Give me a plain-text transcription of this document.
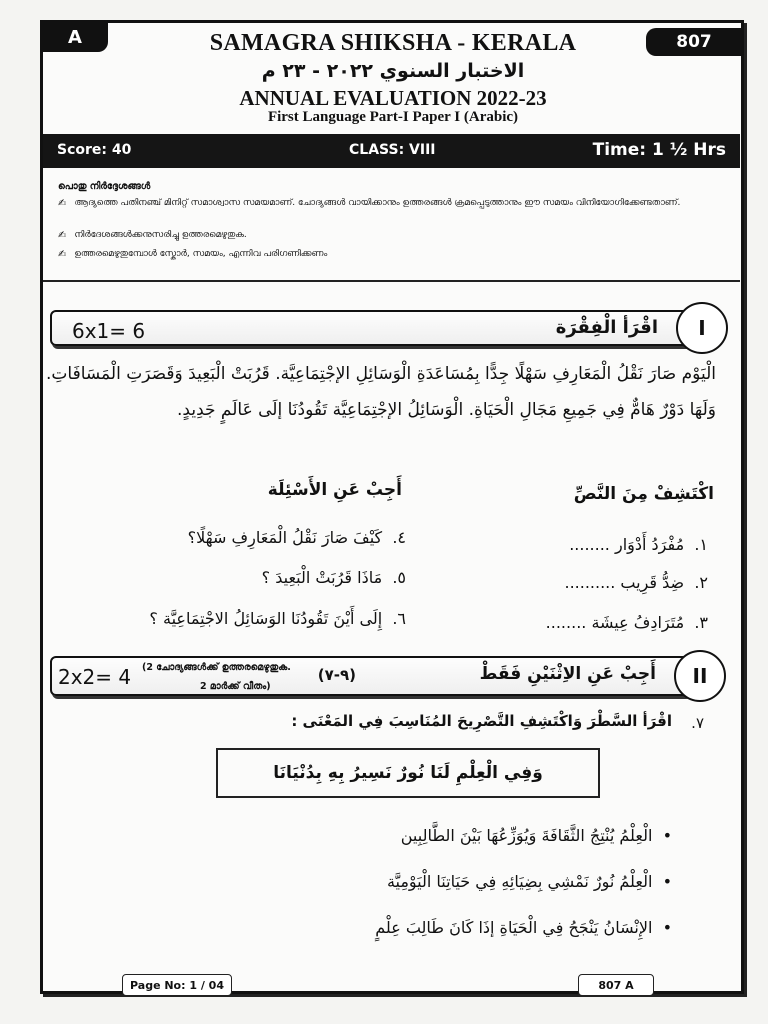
A	807
SAMAGRA SHIKSHA - KERALA
الاختبار السنوي ٢٠٢٢ - ٢٣ م
ANNUAL EVALUATION 2022-23
First Language Part-I Paper I (Arabic)
Score: 40	CLASS: VIII	Time: 1 ½ Hrs
പൊതു നിർദ്ദേശങ്ങൾ
✍ ആദ്യത്തെ പതിനഞ്ച് മിനിറ്റ് സമാശ്വാസ സമയമാണ്. ചോദ്യങ്ങൾ വായിക്കാനും ഉത്തരങ്ങൾ ക്രമപ്പെടുത്താനും ഈ സമയം വിനിയോഗിക്കേണ്ടതാണ്.
✍ നിർദേശങ്ങൾക്കനുസരിച്ചു ഉത്തരമെഴുതുക.
✍ ഉത്തരമെഴുതുമ്പോൾ സ്കോർ, സമയം, എന്നിവ പരിഗണിക്കണം
6x1= 6	اقْرَأ الْفِقْرَة	I
الْيَوْم صَارَ نَقْلُ الْمَعَارِفِ سَهْلًا جِدًّا بِمُسَاعَدَةِ الْوَسَائِلِ الإجْتِمَاعِيَّة. قَرُبَتْ الْبَعِيدَ وَقَصَرَتِ الْمَسَافَاتِ. وَلَهَا دَوْرٌ هَامٌّ فِي جَمِيعِ مَجَالِ الْحَيَاةِ. الْوَسَائِلُ الإجْتِمَاعِيَّة تَقُودُنَا إلَى عَالَمٍ جَدِيدٍ.
اكْتَشِفْ مِنَ النَّصِّ
أَجِبْ عَنِ الأَسْئِلَة
١.  مُفْرَدُ أَدْوَار ........
٢.  ضِدُّ قَرِيب ..........
٣.  مُتَرَادِفُ عِيشَة ........
٤.  كَيْفَ صَارَ نَقْلُ الْمَعَارِفِ سَهْلًا؟
٥.  مَاذَا قَرُبَتْ الْبَعِيدَ ؟
٦.  إِلَى أَيْنَ تَقُودُنَا الوَسَائِلُ الاجْتِمَاعِيَّة ؟
2x2= 4 (2 ചോദ്യങ്ങൾക്ക് ഉത്തരമെഴുതുക.
2 മാർക്ക് വീതം)
(٩-٧)	أَجِبْ عَنِ الاِثْنَيْنِ فَقَطْ	II
٧.
اقْرَأ السَّطْرَ وَاكْتَشِفِ التَّصْرِيحَ المُنَاسِبَ فِي المَعْنَى :
وَفِي الْعِلْمِ لَنَا نُورٌ نَسِيرُ بِهِ بِدُنْيَانَا
•  الْعِلْمُ يُنْتِجُ الثَّقَافَةَ وَيُوَزِّعُهَا بَيْنَ الطَّالِبِين
•  الْعِلْمُ نُورٌ نَمْشِي بِضِيَائِهِ فِي حَيَاتِنَا الْيَوْمِيَّة
•  الإِنْسَانُ يَنْجَحُ فِي الْحَيَاةِ إذَا كَانَ طَالِبَ عِلْمٍ
Page No: 1 / 04	807 A
